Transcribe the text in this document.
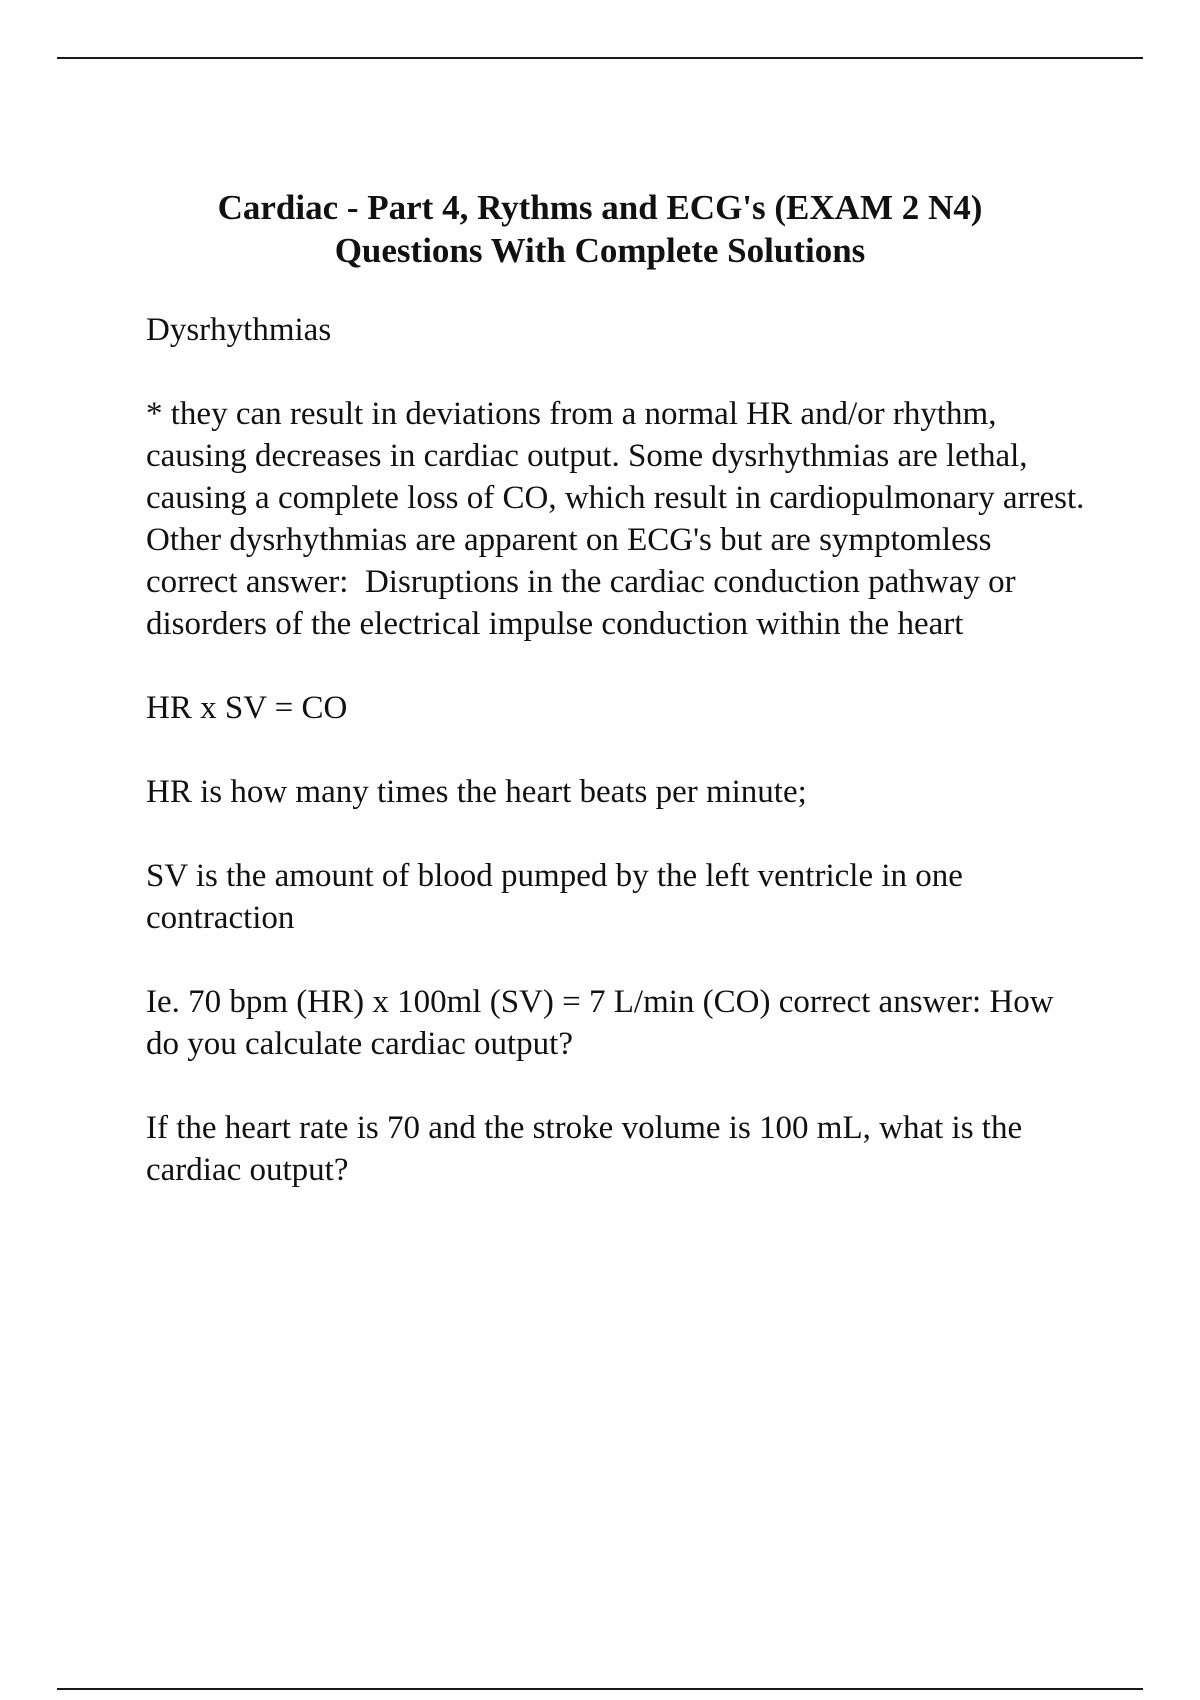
Cardiac - Part 4, Rythms and ECG's (EXAM 2 N4)
Questions With Complete Solutions

Dysrhythmias

* they can result in deviations from a normal HR and/or rhythm, causing decreases in cardiac output. Some dysrhythmias are lethal, causing a complete loss of CO, which result in cardiopulmonary arrest. Other dysrhythmias are apparent on ECG's but are symptomless correct answer:  Disruptions in the cardiac conduction pathway or disorders of the electrical impulse conduction within the heart

HR x SV = CO

HR is how many times the heart beats per minute;

SV is the amount of blood pumped by the left ventricle in one contraction

Ie. 70 bpm (HR) x 100ml (SV) = 7 L/min (CO) correct answer: How do you calculate cardiac output?

If the heart rate is 70 and the stroke volume is 100 mL, what is the cardiac output?
